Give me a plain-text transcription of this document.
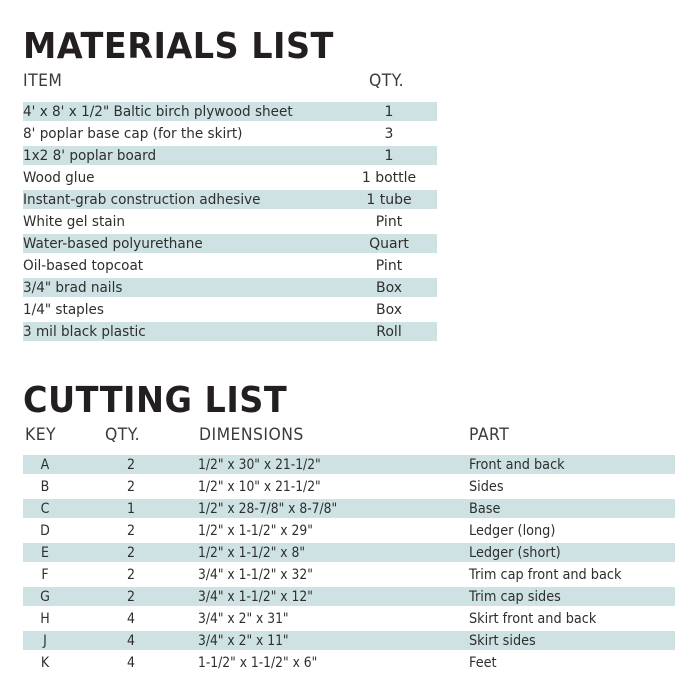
MATERIALS LIST
ITEM	QTY.
4' x 8' x 1/2" Baltic birch plywood sheet	1
8' poplar base cap (for the skirt)	3
1x2 8' poplar board	1
Wood glue	1 bottle
Instant-grab construction adhesive	1 tube
White gel stain	Pint
Water-based polyurethane	Quart
Oil-based topcoat	Pint
3/4" brad nails	Box
1/4" staples	Box
3 mil black plastic	Roll
CUTTING LIST
KEY	QTY.	DIMENSIONS	PART
A	2	1/2" x 30" x 21-1/2"	Front and back
B	2	1/2" x 10" x 21-1/2"	Sides
C	1	1/2" x 28-7/8" x 8-7/8"	Base
D	2	1/2" x 1-1/2" x 29"	Ledger (long)
E	2	1/2" x 1-1/2" x 8"	Ledger (short)
F	2	3/4" x 1-1/2" x 32"	Trim cap front and back
G	2	3/4" x 1-1/2" x 12"	Trim cap sides
H	4	3/4" x 2" x 31"	Skirt front and back
J	4	3/4" x 2" x 11"	Skirt sides
K	4	1-1/2" x 1-1/2" x 6"	Feet
